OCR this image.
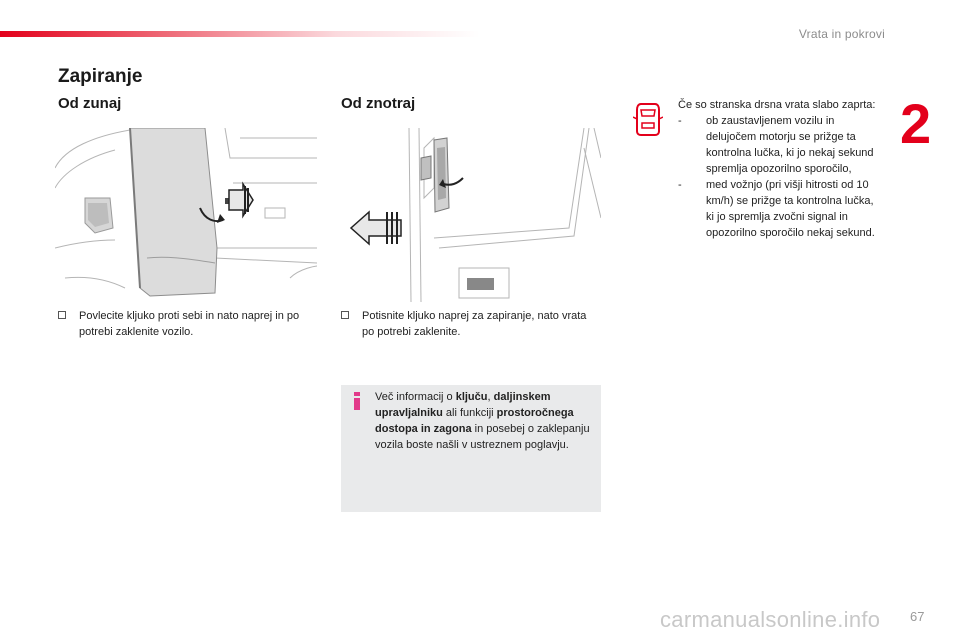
Vrata in pokrovi
2
Zapiranje
Od zunaj	Od znotraj
Povlecite kljuko proti sebi in nato naprej in po potrebi zaklenite vozilo.
Potisnite kljuko naprej za zapiranje, nato vrata po potrebi zaklenite.
Če so stranska drsna vrata slabo zaprta:
- ob zaustavljenem vozilu in delujočem motorju se prižge ta kontrolna lučka, ki jo nekaj sekund spremlja opozorilno sporočilo,
- med vožnjo (pri višji hitrosti od 10 km/h) se prižge ta kontrolna lučka, ki jo spremlja zvočni signal in opozorilno sporočilo nekaj sekund.
Več informacij o ključu, daljinskem upravljalniku ali funkciji prostoročnega dostopa in zagona in posebej o zaklepanju vozila boste našli v ustreznem poglavju.
carmanualsonline.info 67
